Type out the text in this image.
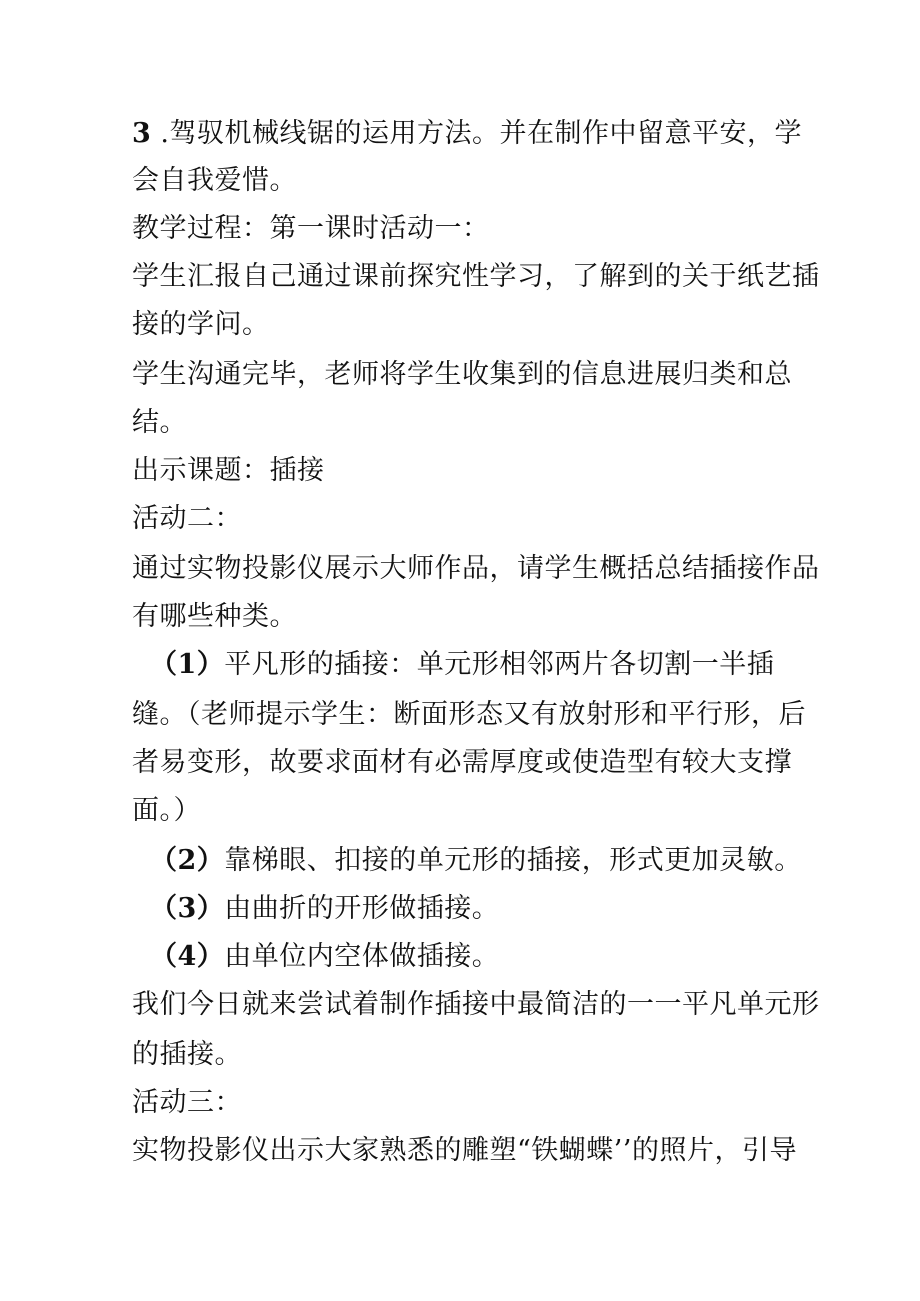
3 .驾驭机械线锯的运用方法。并在制作中留意平安，学
会自我爱惜。
教学过程：第一课时活动一：
学生汇报自己通过课前探究性学习，了解到的关于纸艺插
接的学问。
学生沟通完毕，老师将学生收集到的信息进展归类和总
结。
出示课题：插接
活动二：
通过实物投影仪展示大师作品，请学生概括总结插接作品
有哪些种类。
（1）平凡形的插接：单元形相邻两片各切割一半插
缝。（老师提示学生：断面形态又有放射形和平行形，后
者易变形，故要求面材有必需厚度或使造型有较大支撑
面。）
（2）靠梯眼、扣接的单元形的插接，形式更加灵敏。
（3）由曲折的开形做插接。
（4）由单位内空体做插接。
我们今日就来尝试着制作插接中最简洁的一一平凡单元形
的插接。
活动三：
实物投影仪出示大家熟悉的雕塑“铁蝴蝶’’的照片，引导
